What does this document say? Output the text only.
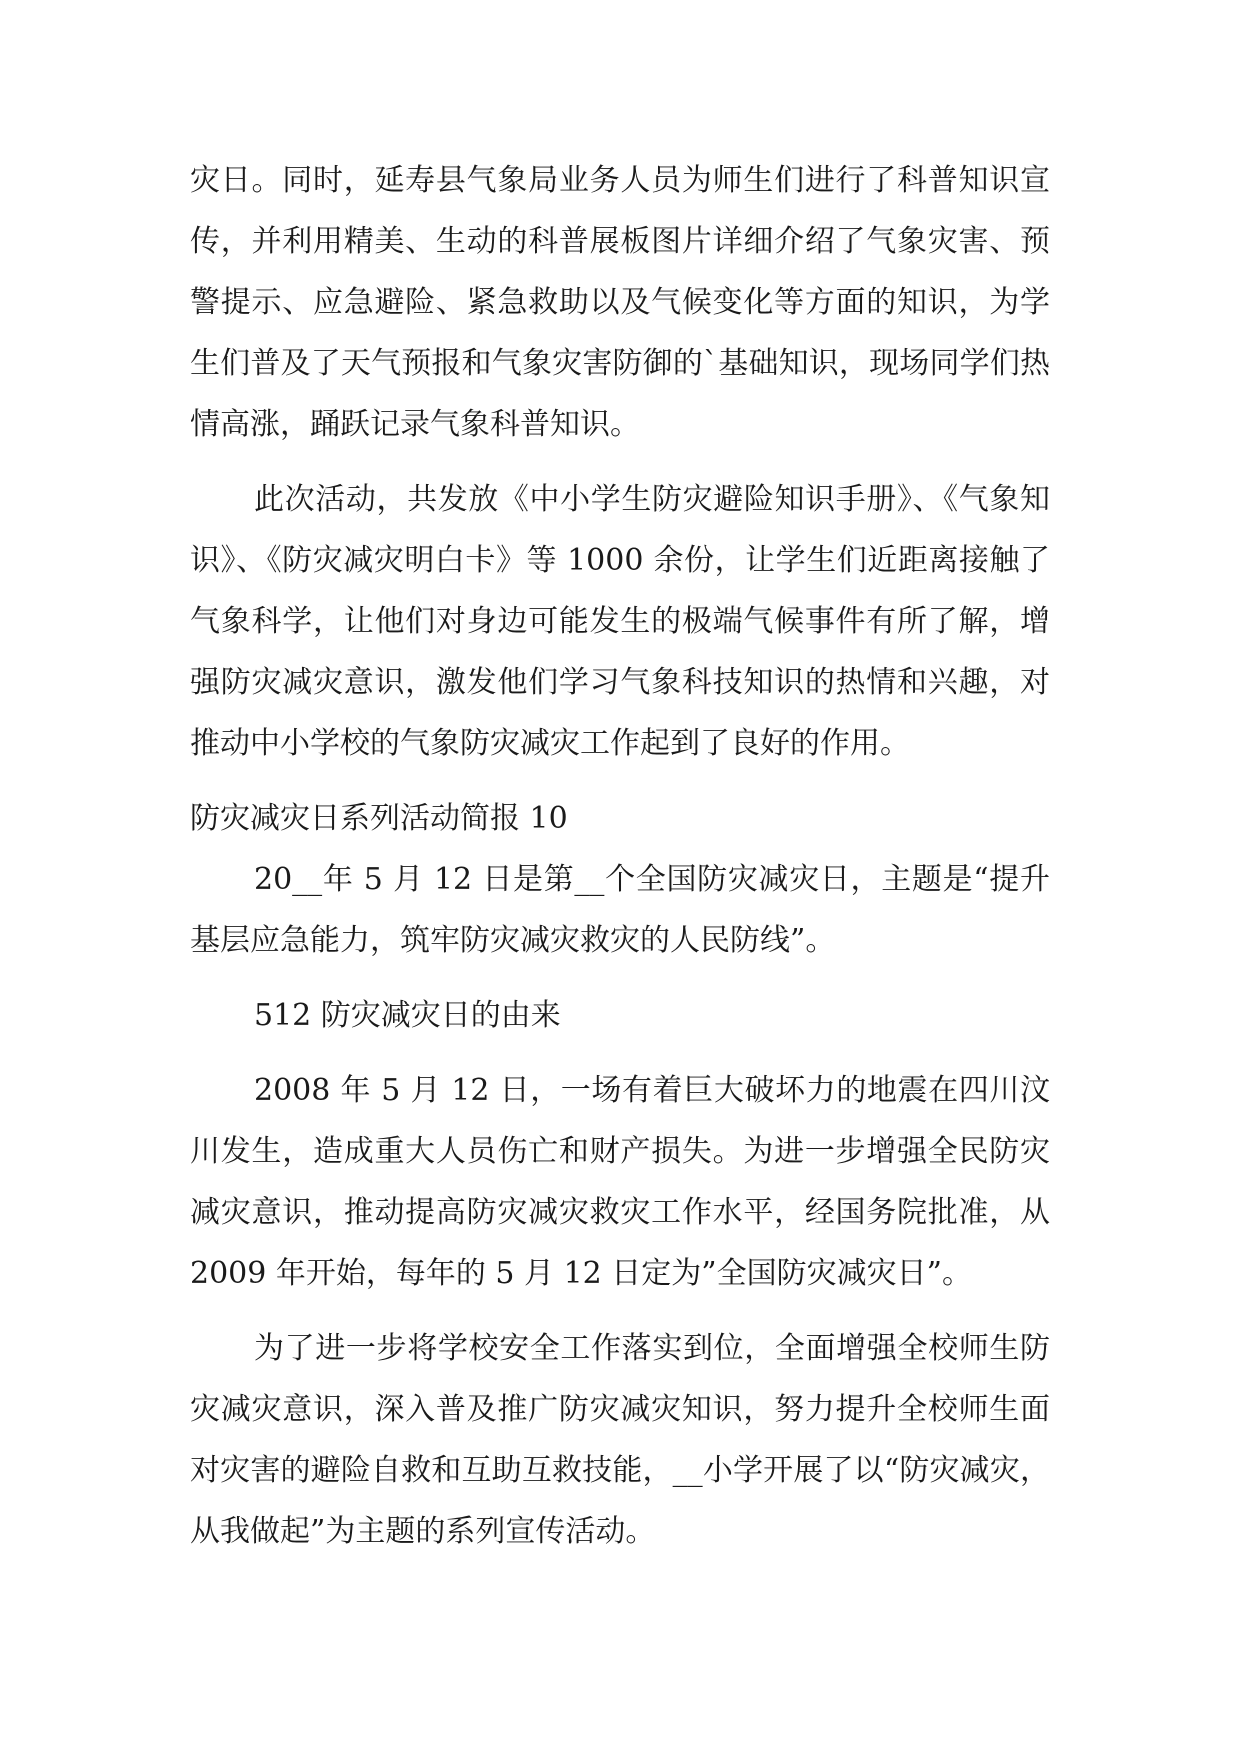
灾日。同时，延寿县气象局业务人员为师生们进行了科普知识宣传，并利用精美、生动的科普展板图片详细介绍了气象灾害、预警提示、应急避险、紧急救助以及气候变化等方面的知识，为学生们普及了天气预报和气象灾害防御的`基础知识，现场同学们热情高涨，踊跃记录气象科普知识。

此次活动，共发放《中小学生防灾避险知识手册》、《气象知识》、《防灾减灾明白卡》等 1000 余份，让学生们近距离接触了气象科学，让他们对身边可能发生的极端气候事件有所了解，增强防灾减灾意识，激发他们学习气象科技知识的热情和兴趣，对推动中小学校的气象防灾减灾工作起到了良好的作用。

防灾减灾日系列活动简报 10

20__年 5 月 12 日是第__个全国防灾减灾日，主题是“提升基层应急能力，筑牢防灾减灾救灾的人民防线”。

512 防灾减灾日的由来

2008 年 5 月 12 日，一场有着巨大破坏力的地震在四川汶川发生，造成重大人员伤亡和财产损失。为进一步增强全民防灾减灾意识，推动提高防灾减灾救灾工作水平，经国务院批准，从 2009 年开始，每年的 5 月 12 日定为”全国防灾减灾日”。

为了进一步将学校安全工作落实到位，全面增强全校师生防灾减灾意识，深入普及推广防灾减灾知识，努力提升全校师生面对灾害的避险自救和互助互救技能，__小学开展了以“防灾减灾，从我做起”为主题的系列宣传活动。
